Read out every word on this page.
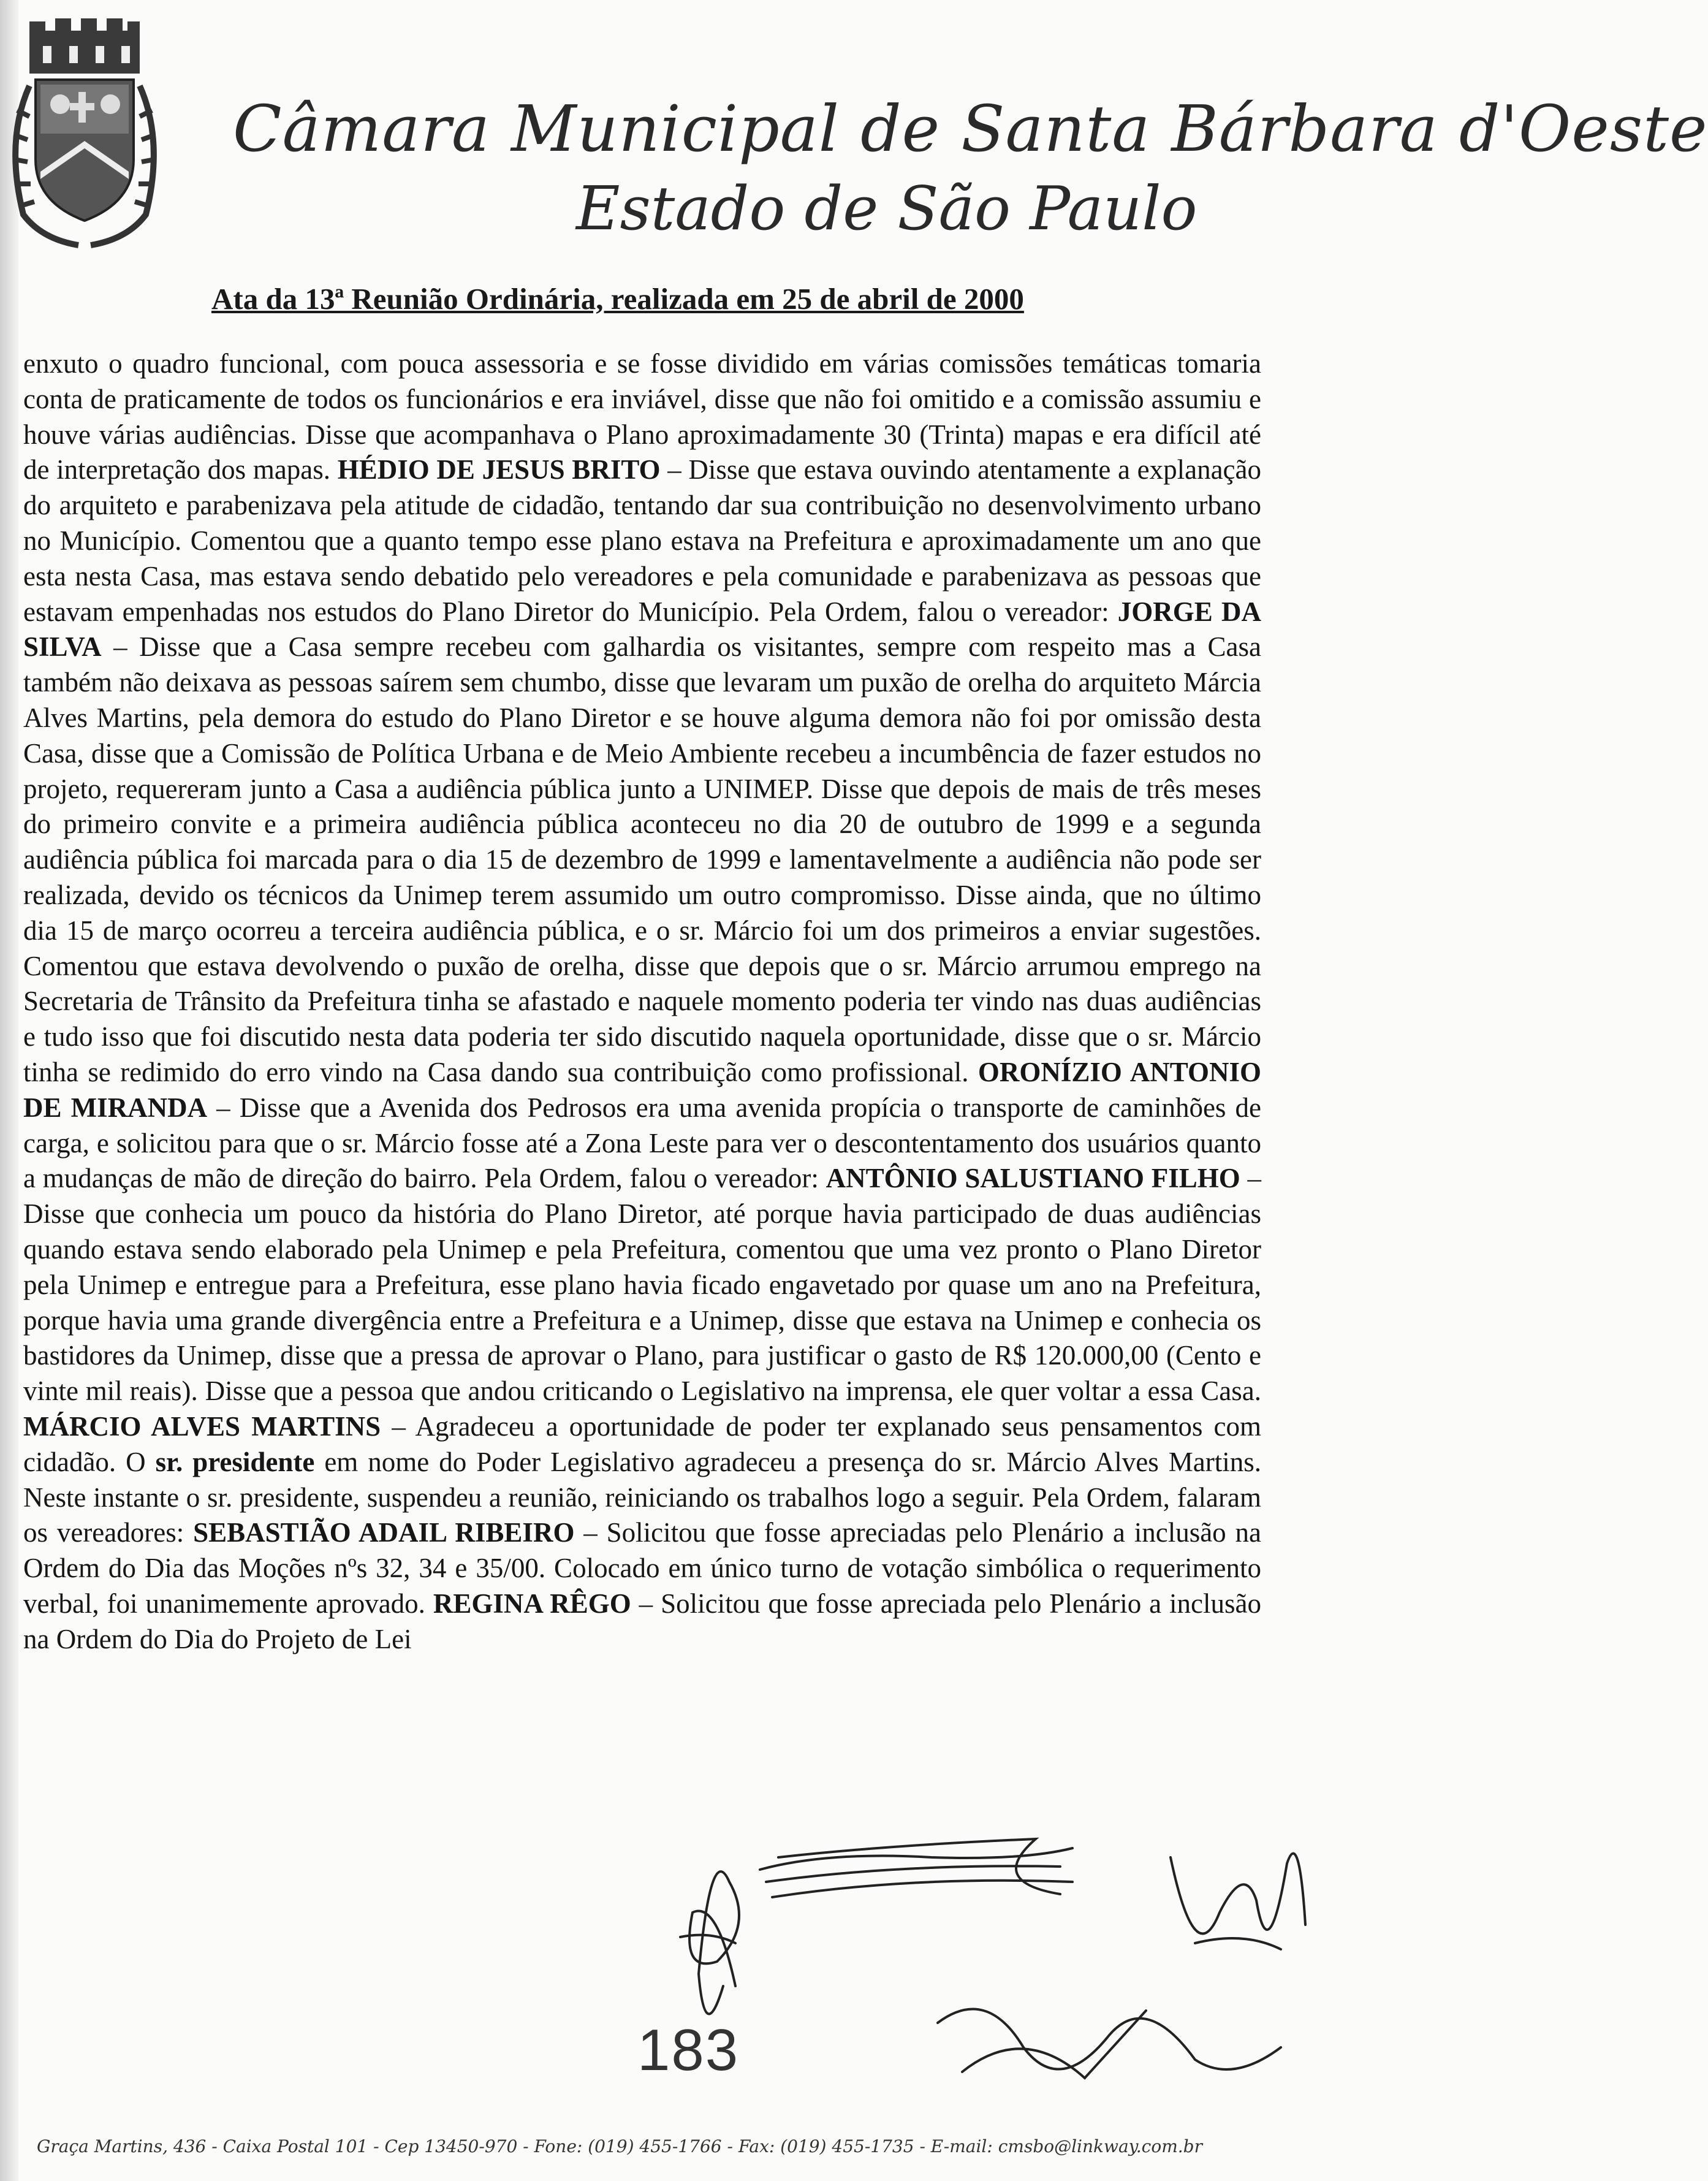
Câmara Municipal de Santa Bárbara d'Oeste
Estado de São Paulo
Ata da 13ª Reunião Ordinária, realizada em 25 de abril de 2000
enxuto o quadro funcional, com pouca assessoria e se fosse dividido em várias comissões temáticas tomaria conta de praticamente de todos os funcionários e era inviável, disse que não foi omitido e a comissão assumiu e houve várias audiências. Disse que acompanhava o Plano aproximadamente 30 (Trinta) mapas e era difícil até de interpretação dos mapas. HÉDIO DE JESUS BRITO – Disse que estava ouvindo atentamente a explanação do arquiteto e parabenizava pela atitude de cidadão, tentando dar sua contribuição no desenvolvimento urbano no Município. Comentou que a quanto tempo esse plano estava na Prefeitura e aproximadamente um ano que esta nesta Casa, mas estava sendo debatido pelo vereadores e pela comunidade e parabenizava as pessoas que estavam empenhadas nos estudos do Plano Diretor do Município. Pela Ordem, falou o vereador: JORGE DA SILVA – Disse que a Casa sempre recebeu com galhardia os visitantes, sempre com respeito mas a Casa também não deixava as pessoas saírem sem chumbo, disse que levaram um puxão de orelha do arquiteto Márcia Alves Martins, pela demora do estudo do Plano Diretor e se houve alguma demora não foi por omissão desta Casa, disse que a Comissão de Política Urbana e de Meio Ambiente recebeu a incumbência de fazer estudos no projeto, requereram junto a Casa a audiência pública junto a UNIMEP. Disse que depois de mais de três meses do primeiro convite e a primeira audiência pública aconteceu no dia 20 de outubro de 1999 e a segunda audiência pública foi marcada para o dia 15 de dezembro de 1999 e lamentavelmente a audiência não pode ser realizada, devido os técnicos da Unimep terem assumido um outro compromisso. Disse ainda, que no último dia 15 de março ocorreu a terceira audiência pública, e o sr. Márcio foi um dos primeiros a enviar sugestões. Comentou que estava devolvendo o puxão de orelha, disse que depois que o sr. Márcio arrumou emprego na Secretaria de Trânsito da Prefeitura tinha se afastado e naquele momento poderia ter vindo nas duas audiências e tudo isso que foi discutido nesta data poderia ter sido discutido naquela oportunidade, disse que o sr. Márcio tinha se redimido do erro vindo na Casa dando sua contribuição como profissional. ORONÍZIO ANTONIO DE MIRANDA – Disse que a Avenida dos Pedrosos era uma avenida propícia o transporte de caminhões de carga, e solicitou para que o sr. Márcio fosse até a Zona Leste para ver o descontentamento dos usuários quanto a mudanças de mão de direção do bairro. Pela Ordem, falou o vereador: ANTÔNIO SALUSTIANO FILHO – Disse que conhecia um pouco da história do Plano Diretor, até porque havia participado de duas audiências quando estava sendo elaborado pela Unimep e pela Prefeitura, comentou que uma vez pronto o Plano Diretor pela Unimep e entregue para a Prefeitura, esse plano havia ficado engavetado por quase um ano na Prefeitura, porque havia uma grande divergência entre a Prefeitura e a Unimep, disse que estava na Unimep e conhecia os bastidores da Unimep, disse que a pressa de aprovar o Plano, para justificar o gasto de R$ 120.000,00 (Cento e vinte mil reais). Disse que a pessoa que andou criticando o Legislativo na imprensa, ele quer voltar a essa Casa. MÁRCIO ALVES MARTINS – Agradeceu a oportunidade de poder ter explanado seus pensamentos com cidadão. O sr. presidente em nome do Poder Legislativo agradeceu a presença do sr. Márcio Alves Martins. Neste instante o sr. presidente, suspendeu a reunião, reiniciando os trabalhos logo a seguir. Pela Ordem, falaram os vereadores: SEBASTIÃO ADAIL RIBEIRO – Solicitou que fosse apreciadas pelo Plenário a inclusão na Ordem do Dia das Moções nºs 32, 34 e 35/00. Colocado em único turno de votação simbólica o requerimento verbal, foi unanimemente aprovado. REGINA RÊGO – Solicitou que fosse apreciada pelo Plenário a inclusão na Ordem do Dia do Projeto de Lei
183
Graça Martins, 436 - Caixa Postal 101 - Cep 13450-970 - Fone: (019) 455-1766 - Fax: (019) 455-1735 - E-mail: cmsbo@linkway.com.br
